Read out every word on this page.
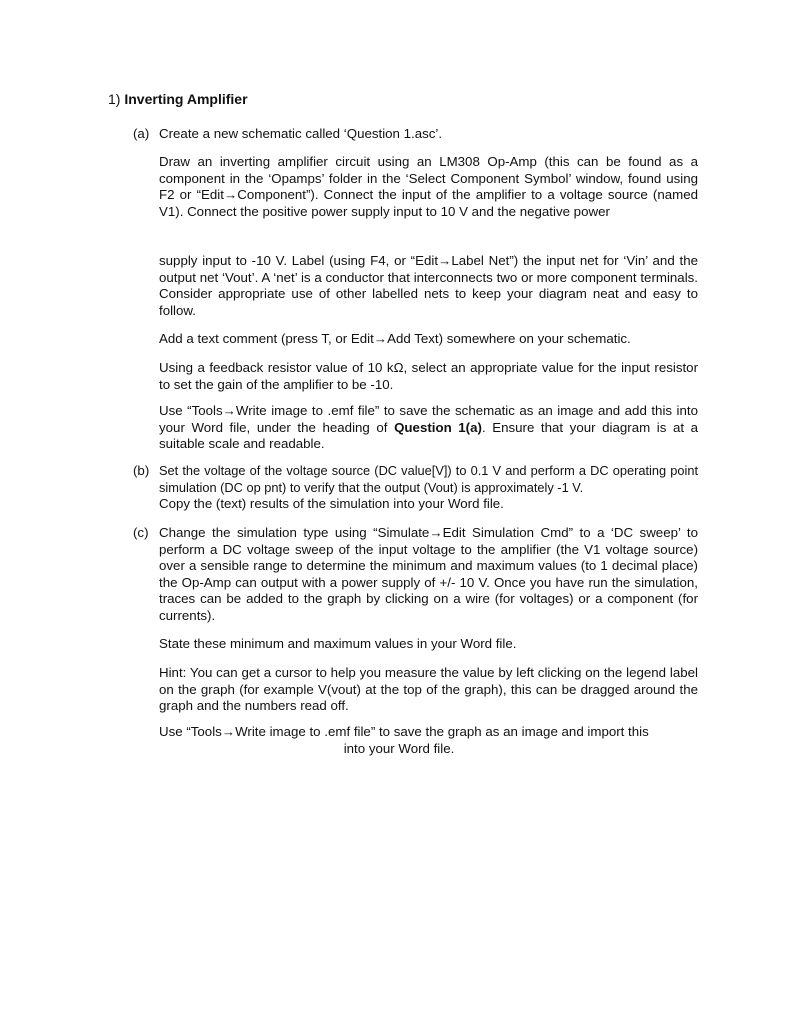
1) Inverting Amplifier
(a) Create a new schematic called ‘Question 1.asc’.

Draw an inverting amplifier circuit using an LM308 Op-Amp (this can be found as a component in the ‘Opamps’ folder in the ‘Select Component Symbol’ window, found using F2 or “Edit→Component”). Connect the input of the amplifier to a voltage source (named V1). Connect the positive power supply input to 10 V and the negative power

supply input to -10 V. Label (using F4, or “Edit→Label Net”) the input net for ‘Vin’ and the output net ‘Vout’. A ‘net’ is a conductor that interconnects two or more component terminals. Consider appropriate use of other labelled nets to keep your diagram neat and easy to follow.

Add a text comment (press T, or Edit→Add Text) somewhere on your schematic.

Using a feedback resistor value of 10 kΩ, select an appropriate value for the input resistor to set the gain of the amplifier to be -10.

Use “Tools→Write image to .emf file” to save the schematic as an image and add this into your Word file, under the heading of Question 1(a). Ensure that your diagram is at a suitable scale and readable.

(b) Set the voltage of the voltage source (DC value[V]) to 0.1 V and perform a DC operating point simulation (DC op pnt) to verify that the output (Vout) is approximately -1 V.

Copy the (text) results of the simulation into your Word file.

(c) Change the simulation type using “Simulate→Edit Simulation Cmd” to a ‘DC sweep’ to perform a DC voltage sweep of the input voltage to the amplifier (the V1 voltage source) over a sensible range to determine the minimum and maximum values (to 1 decimal place) the Op-Amp can output with a power supply of +/- 10 V. Once you have run the simulation, traces can be added to the graph by clicking on a wire (for voltages) or a component (for currents).

State these minimum and maximum values in your Word file.

Hint: You can get a cursor to help you measure the value by left clicking on the legend label on the graph (for example V(vout) at the top of the graph), this can be dragged around the graph and the numbers read off.

Use “Tools→Write image to .emf file” to save the graph as an image and import this

into your Word file.
